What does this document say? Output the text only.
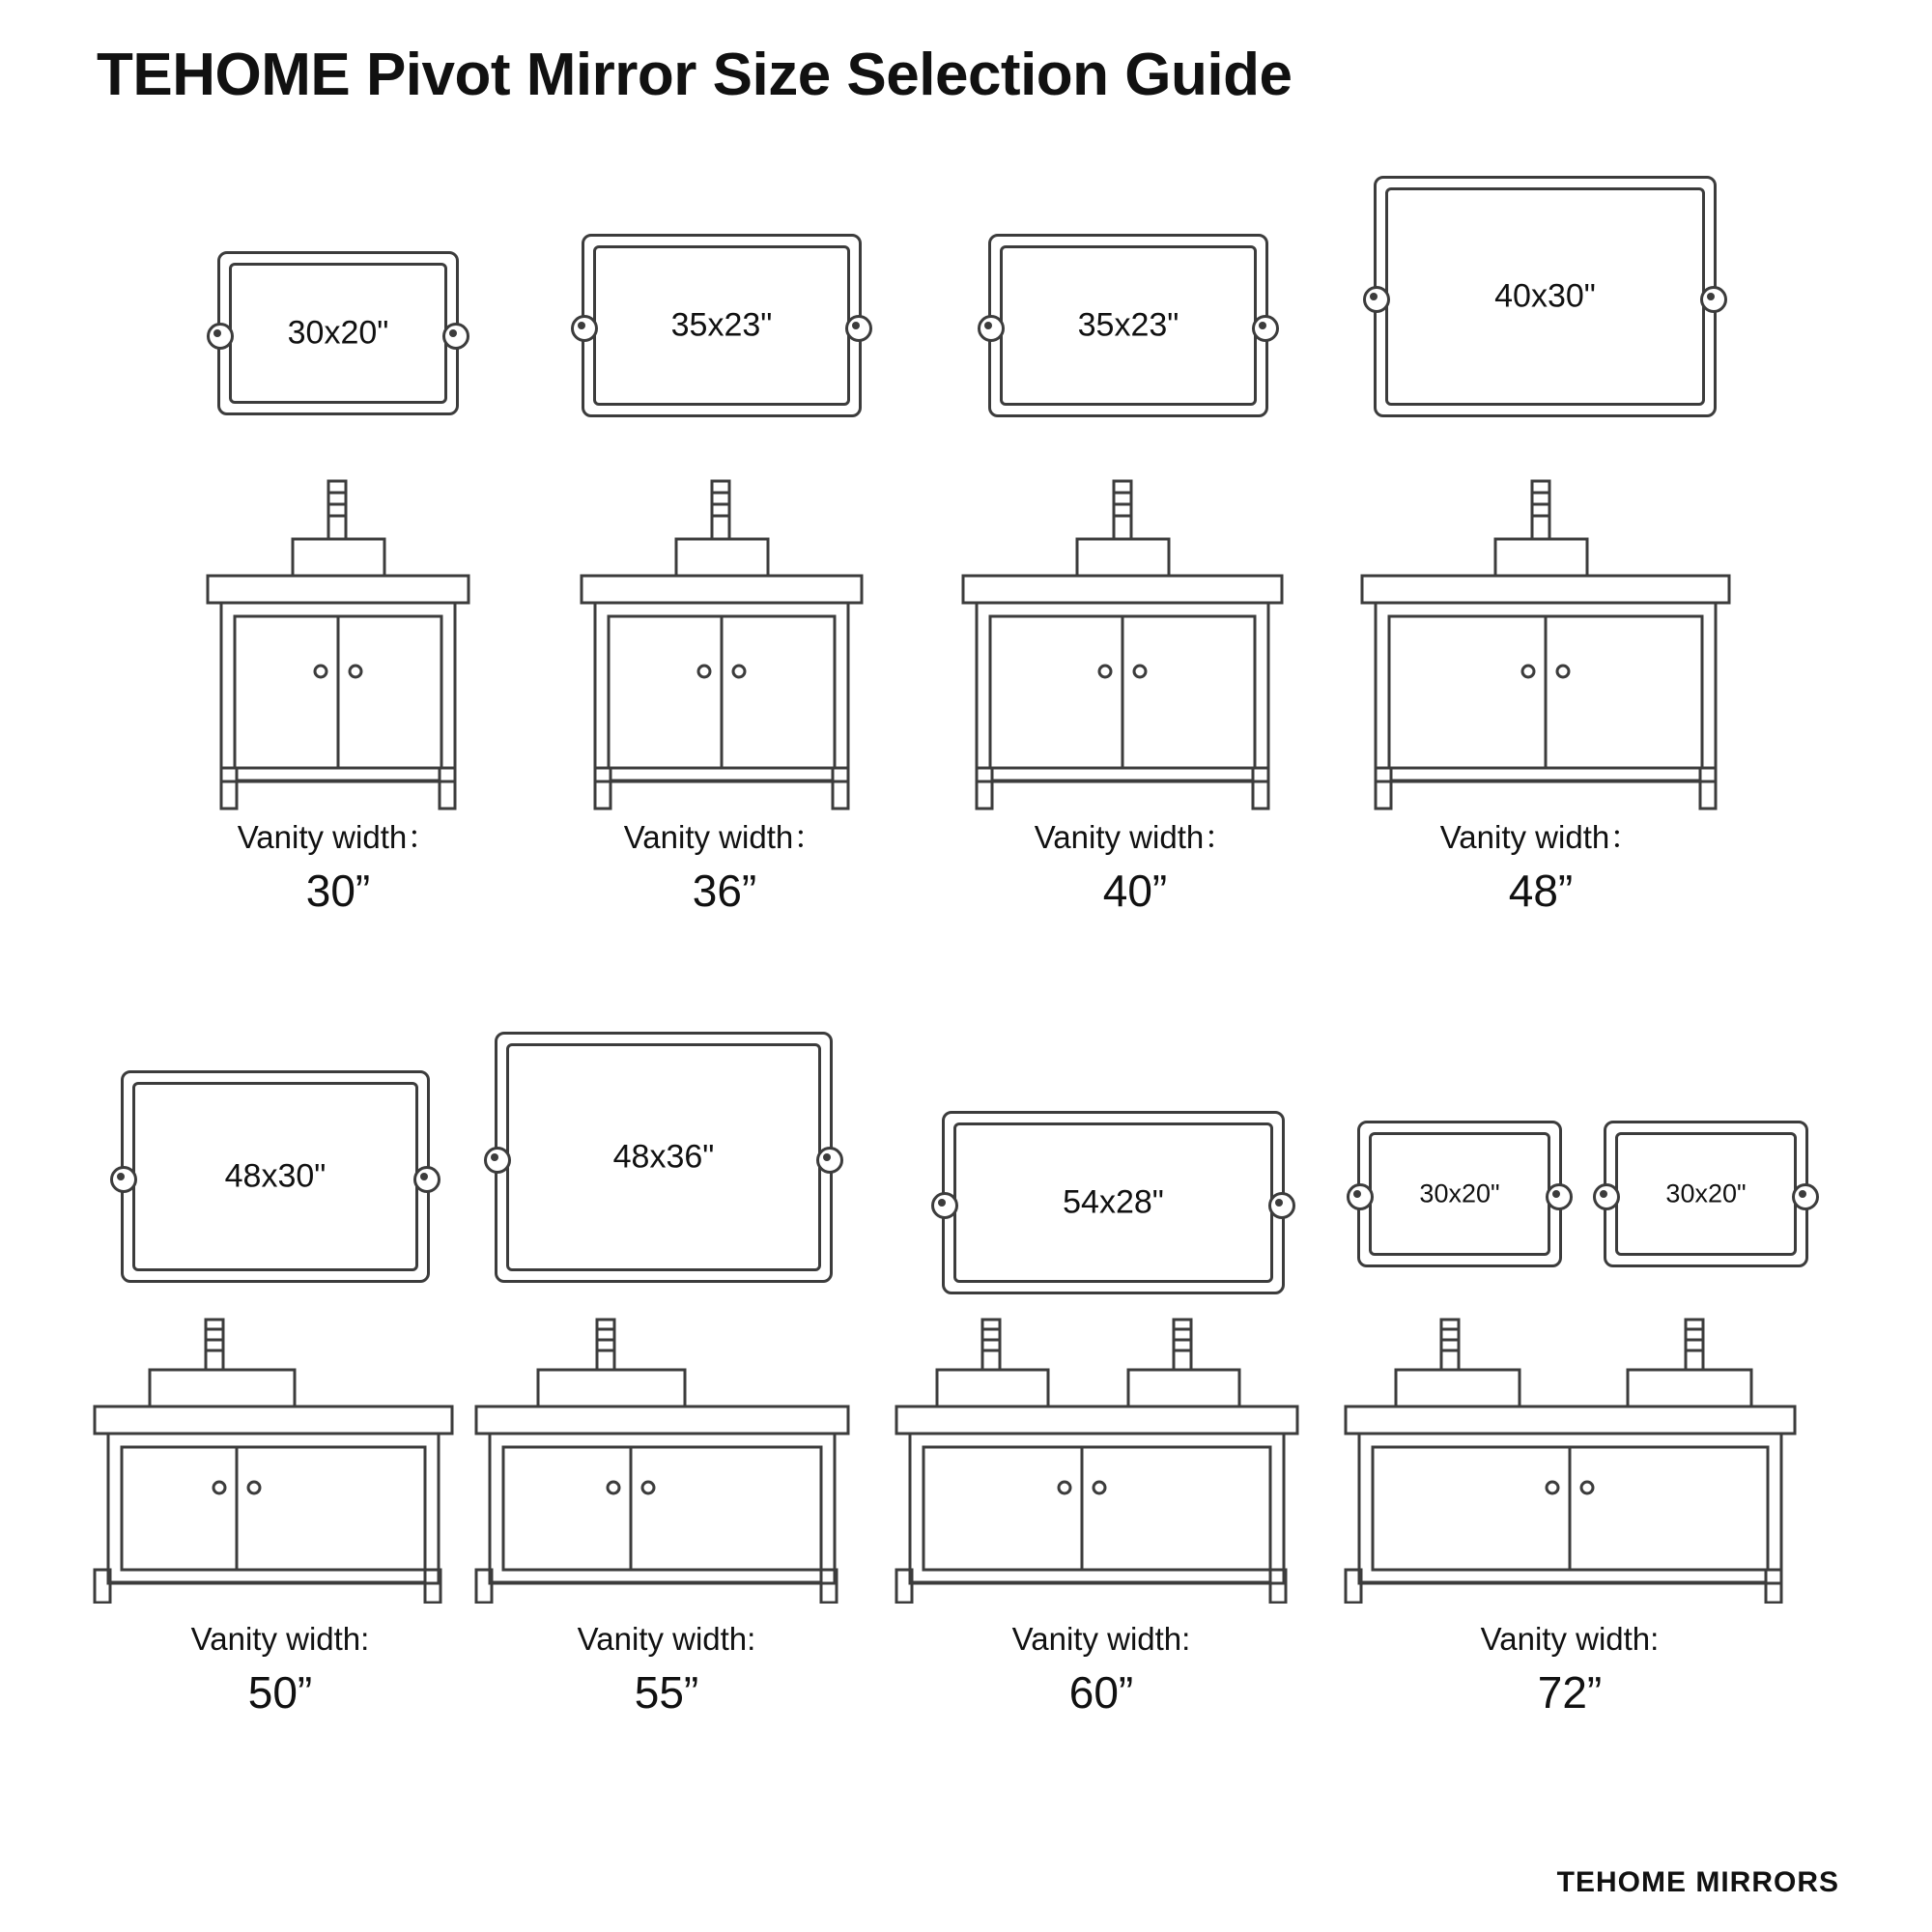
TEHOME Pivot Mirror Size Selection Guide
30x20"
Vanity width：
30”
35x23"
Vanity width：
36”
35x23"
Vanity width：
40”
40x30"
Vanity width：
48”
48x30"
Vanity width:
50”
48x36"
Vanity width:
55”
54x28"
Vanity width:
60”
30x20"	30x20"
Vanity width:
72”
TEHOME MIRRORS
